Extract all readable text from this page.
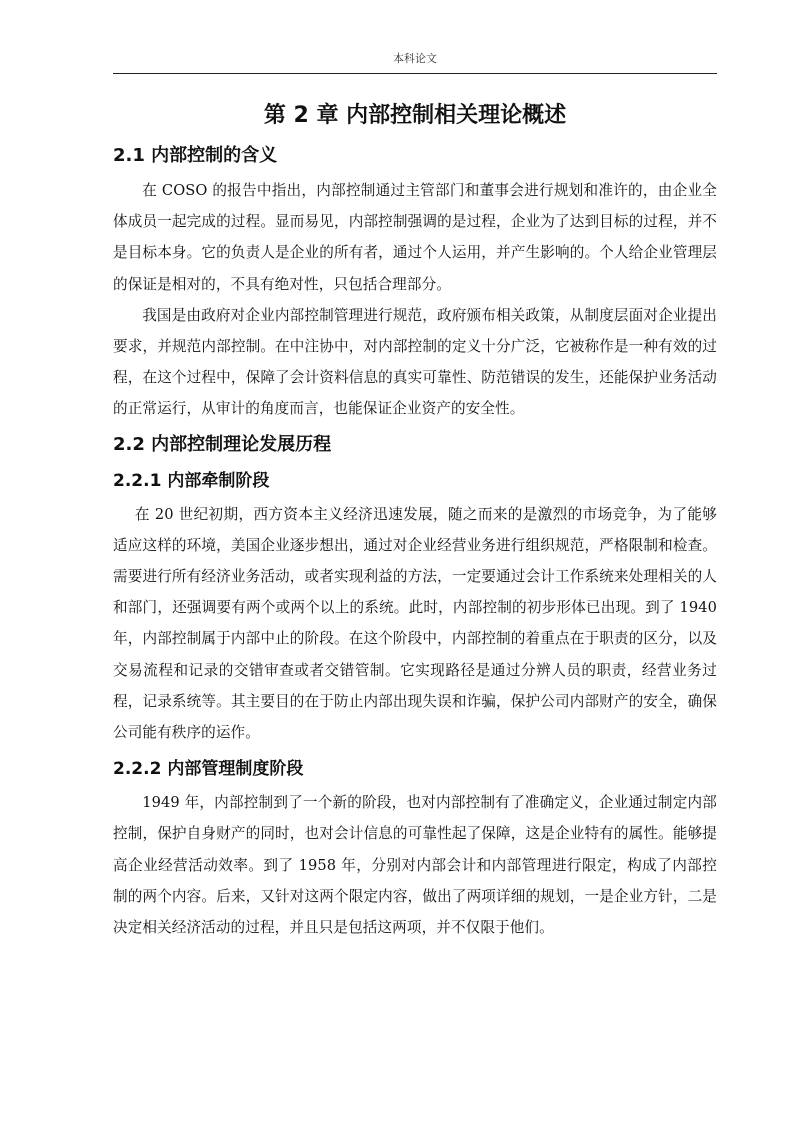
本科论文
第 2 章 内部控制相关理论概述
2.1 内部控制的含义

在 COSO 的报告中指出，内部控制通过主管部门和董事会进行规划和准许的，由企业全体成员一起完成的过程。显而易见，内部控制强调的是过程，企业为了达到目标的过程，并不是目标本身。它的负责人是企业的所有者，通过个人运用，并产生影响的。个人给企业管理层的保证是相对的，不具有绝对性，只包括合理部分。

我国是由政府对企业内部控制管理进行规范，政府颁布相关政策，从制度层面对企业提出要求，并规范内部控制。在中注协中，对内部控制的定义十分广泛，它被称作是一种有效的过程，在这个过程中，保障了会计资料信息的真实可靠性、防范错误的发生，还能保护业务活动的正常运行，从审计的角度而言，也能保证企业资产的安全性。

2.2 内部控制理论发展历程
2.2.1 内部牵制阶段

在 20 世纪初期，西方资本主义经济迅速发展，随之而来的是激烈的市场竞争，为了能够适应这样的环境，美国企业逐步想出，通过对企业经营业务进行组织规范，严格限制和检查。需要进行所有经济业务活动，或者实现利益的方法，一定要通过会计工作系统来处理相关的人和部门，还强调要有两个或两个以上的系统。此时，内部控制的初步形体已出现。到了 1940 年，内部控制属于内部中止的阶段。在这个阶段中，内部控制的着重点在于职责的区分，以及交易流程和记录的交错审查或者交错管制。它实现路径是通过分辨人员的职责，经营业务过程，记录系统等。其主要目的在于防止内部出现失误和诈骗，保护公司内部财产的安全，确保公司能有秩序的运作。

2.2.2 内部管理制度阶段

1949 年，内部控制到了一个新的阶段，也对内部控制有了准确定义，企业通过制定内部控制，保护自身财产的同时，也对会计信息的可靠性起了保障，这是企业特有的属性。能够提高企业经营活动效率。到了 1958 年，分别对内部会计和内部管理进行限定，构成了内部控制的两个内容。后来，又针对这两个限定内容，做出了两项详细的规划，一是企业方针，二是决定相关经济活动的过程，并且只是包括这两项，并不仅限于他们。
